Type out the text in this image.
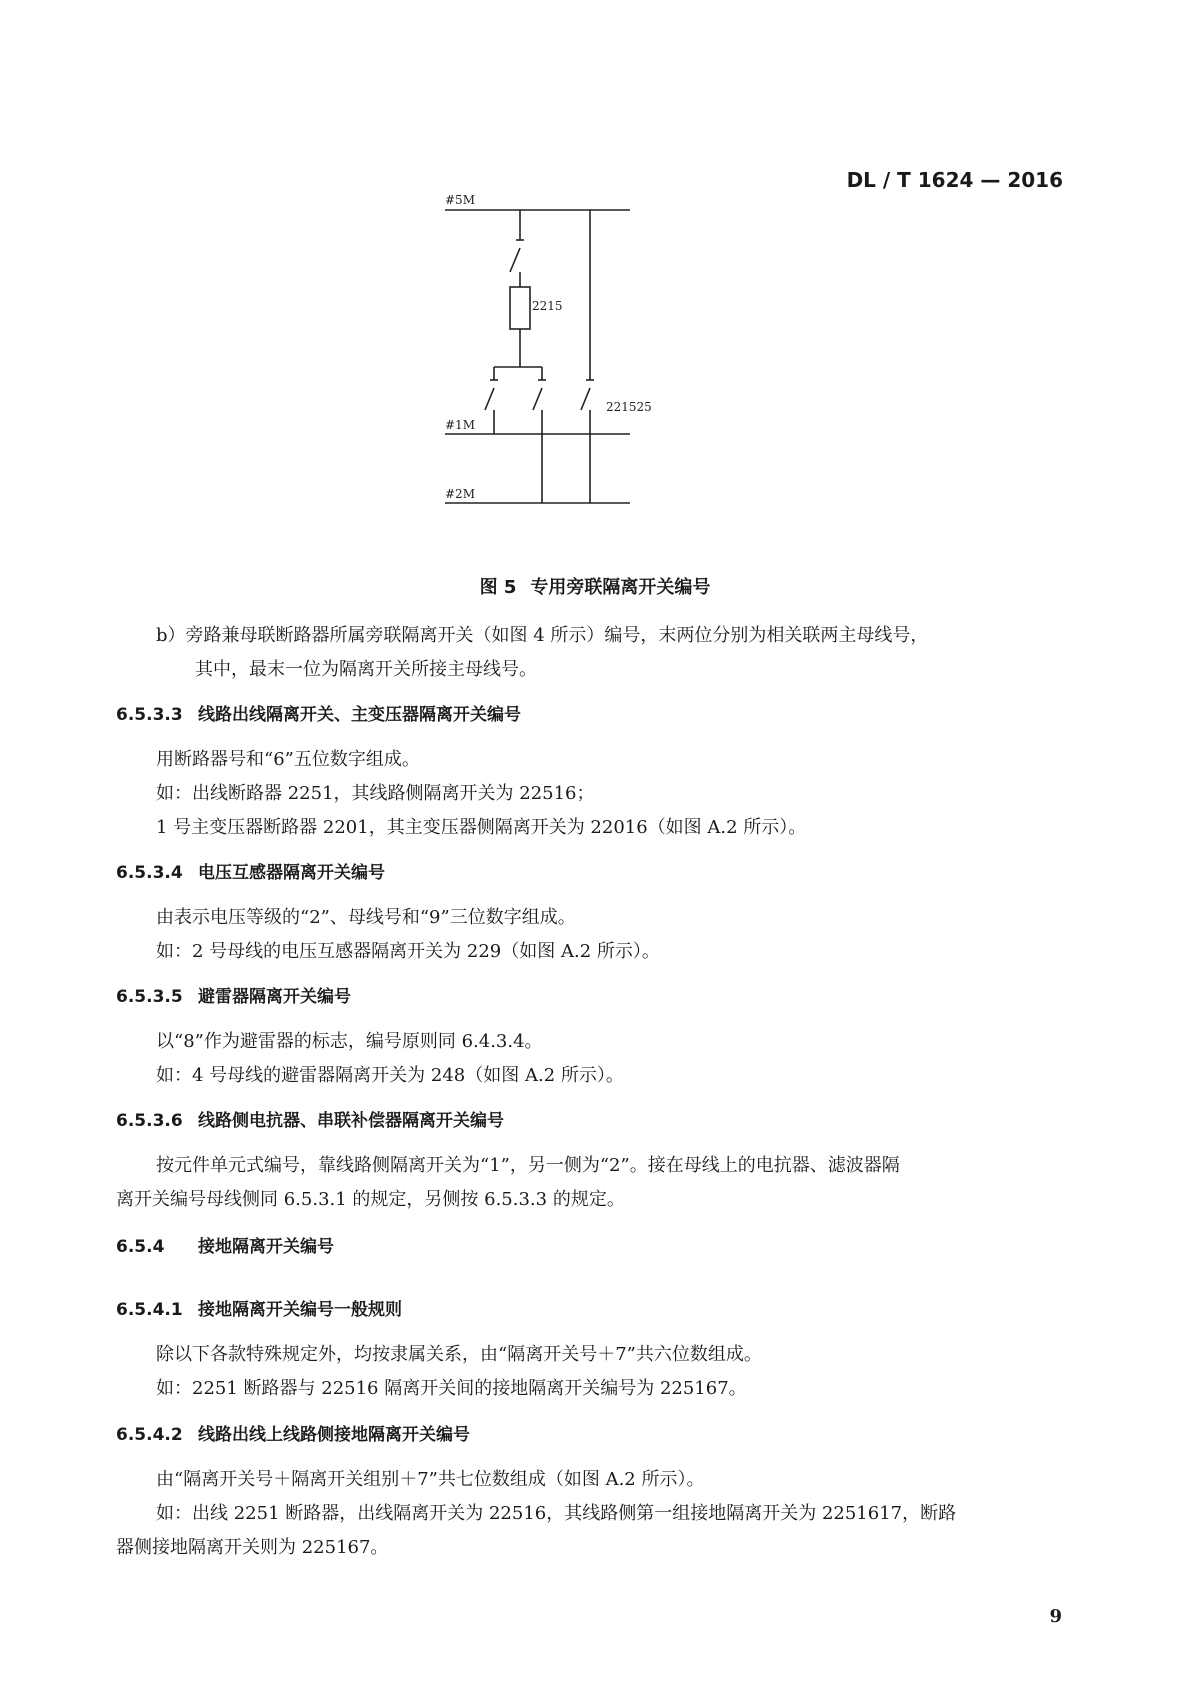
DL / T 1624 — 2016
#5M
#1M
#2M
2215
221525
图 5 专用旁联隔离开关编号
b）旁路兼母联断路器所属旁联隔离开关（如图 4 所示）编号，末两位分别为相关联两主母线号，
其中，最末一位为隔离开关所接主母线号。
6.5.3.3 线路出线隔离开关、主变压器隔离开关编号
用断路器号和“6”五位数字组成。
如：出线断路器 2251，其线路侧隔离开关为 22516；
1 号主变压器断路器 2201，其主变压器侧隔离开关为 22016（如图 A.2 所示）。
6.5.3.4 电压互感器隔离开关编号
由表示电压等级的“2”、母线号和“9”三位数字组成。
如：2 号母线的电压互感器隔离开关为 229（如图 A.2 所示）。
6.5.3.5 避雷器隔离开关编号
以“8”作为避雷器的标志，编号原则同 6.4.3.4。
如：4 号母线的避雷器隔离开关为 248（如图 A.2 所示）。
6.5.3.6 线路侧电抗器、串联补偿器隔离开关编号
按元件单元式编号，靠线路侧隔离开关为“1”，另一侧为“2”。接在母线上的电抗器、滤波器隔
离开关编号母线侧同 6.5.3.1 的规定，另侧按 6.5.3.3 的规定。
6.5.4 接地隔离开关编号
6.5.4.1 接地隔离开关编号一般规则
除以下各款特殊规定外，均按隶属关系，由“隔离开关号＋7”共六位数组成。
如：2251 断路器与 22516 隔离开关间的接地隔离开关编号为 225167。
6.5.4.2 线路出线上线路侧接地隔离开关编号
由“隔离开关号＋隔离开关组别＋7”共七位数组成（如图 A.2 所示）。
如：出线 2251 断路器，出线隔离开关为 22516，其线路侧第一组接地隔离开关为 2251617，断路
器侧接地隔离开关则为 225167。
9
